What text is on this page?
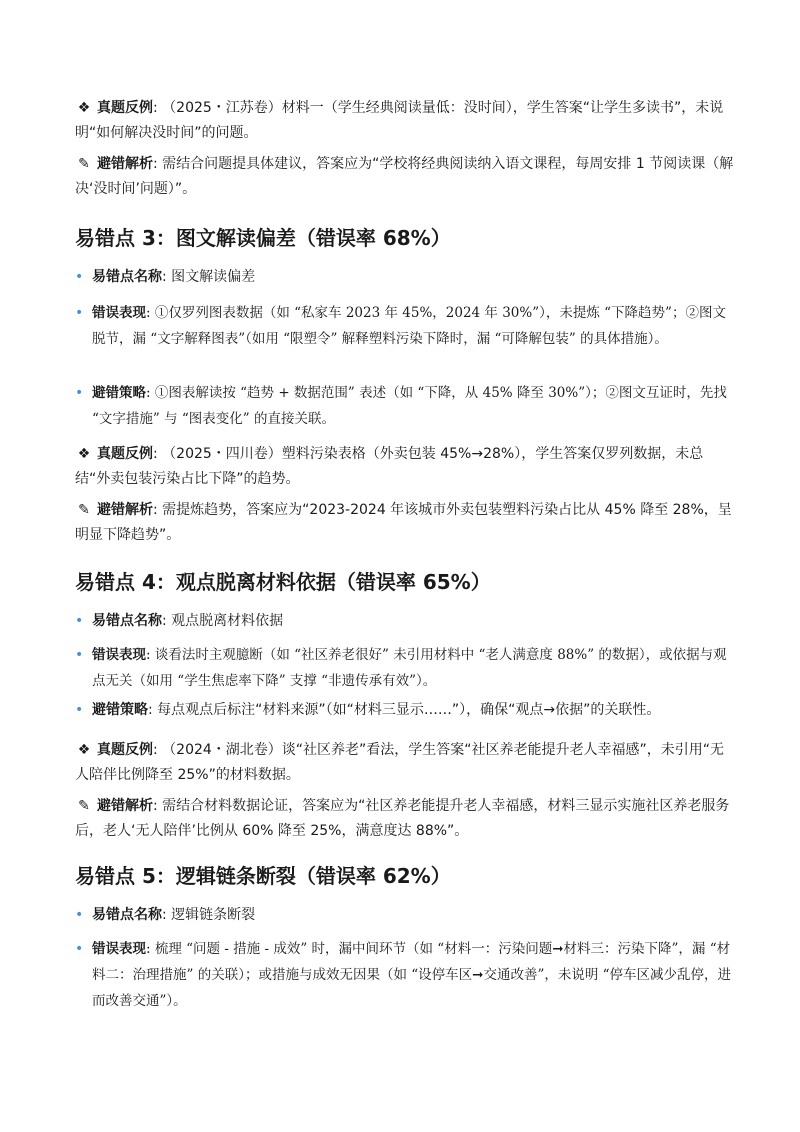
❖ 真题反例: （2025・江苏卷）材料一（学生经典阅读量低：没时间），学生答案“让学生多读书”，未说明“如何解决没时间”的问题。
✎ 避错解析: 需结合问题提具体建议，答案应为“学校将经典阅读纳入语文课程，每周安排 1 节阅读课（解决‘没时间’问题）”。
易错点 3：图文解读偏差（错误率 68%）
• 易错点名称: 图文解读偏差
• 错误表现: ①仅罗列图表数据（如 “私家车 2023 年 45%，2024 年 30%”），未提炼 “下降趋势”；②图文脱节，漏 “文字解释图表”（如用 “限塑令” 解释塑料污染下降时，漏 “可降解包装” 的具体措施）。
• 避错策略: ①图表解读按 “趋势 + 数据范围” 表述（如 “下降，从 45% 降至 30%”）；②图文互证时，先找 “文字措施” 与 “图表变化” 的直接关联。
❖ 真题反例: （2025・四川卷）塑料污染表格（外卖包装 45%→28%），学生答案仅罗列数据，未总结“外卖包装污染占比下降”的趋势。
✎ 避错解析: 需提炼趋势，答案应为“2023-2024 年该城市外卖包装塑料污染占比从 45% 降至 28%，呈明显下降趋势”。
易错点 4：观点脱离材料依据（错误率 65%）
• 易错点名称: 观点脱离材料依据
• 错误表现: 谈看法时主观臆断（如 “社区养老很好” 未引用材料中 “老人满意度 88%” 的数据），或依据与观点无关（如用 “学生焦虑率下降” 支撑 “非遗传承有效”）。
• 避错策略: 每点观点后标注“材料来源”（如“材料三显示……”），确保“观点→依据”的关联性。
❖ 真题反例: （2024・湖北卷）谈“社区养老”看法，学生答案“社区养老能提升老人幸福感”，未引用“无人陪伴比例降至 25%”的材料数据。
✎ 避错解析: 需结合材料数据论证，答案应为“社区养老能提升老人幸福感，材料三显示实施社区养老服务后，老人‘无人陪伴’比例从 60% 降至 25%，满意度达 88%”。
易错点 5：逻辑链条断裂（错误率 62%）
• 易错点名称: 逻辑链条断裂
• 错误表现: 梳理 “问题 - 措施 - 成效” 时，漏中间环节（如 “材料一：污染问题➞材料三：污染下降”，漏 “材料二：治理措施” 的关联）；或措施与成效无因果（如 “设停车区➞交通改善”，未说明 “停车区减少乱停，进而改善交通”）。
